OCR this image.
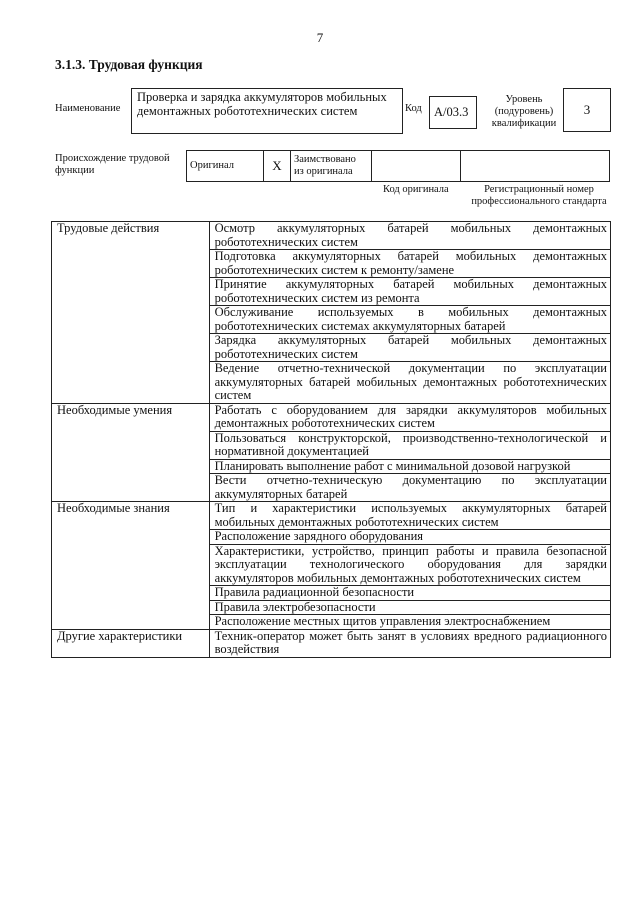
7
3.1.3. Трудовая функция
Наименование
Проверка и зарядка аккумуляторов мобильных демонтажных робототехнических систем	Код A/03.3
Уровень (подуровень) квалификации
3
Происхождение трудовой функции	Оригинал	X	Заимствовано из оригинала		
Код оригинала	Регистрационный номер профессионального стандарта
Трудовые действия	Осмотр аккумуляторных батарей мобильных демонтажных робототехнических систем
	Подготовка аккумуляторных батарей мобильных демонтажных робототехнических систем к ремонту/замене
	Принятие аккумуляторных батарей мобильных демонтажных робототехнических систем из ремонта
	Обслуживание используемых в мобильных демонтажных робототехнических системах аккумуляторных батарей
	Зарядка аккумуляторных батарей мобильных демонтажных робототехнических систем
	Ведение отчетно-технической документации по эксплуатации аккумуляторных батарей мобильных демонтажных робототехнических систем
Необходимые умения	Работать с оборудованием для зарядки аккумуляторов мобильных демонтажных робототехнических систем
	Пользоваться конструкторской, производственно-технологической и нормативной документацией
	Планировать выполнение работ с минимальной дозовой нагрузкой
	Вести отчетно-техническую документацию по эксплуатации аккумуляторных батарей
Необходимые знания	Тип и характеристики используемых аккумуляторных батарей мобильных демонтажных робототехнических систем
	Расположение зарядного оборудования
	Характеристики, устройство, принцип работы и правила безопасной эксплуатации технологического оборудования для зарядки аккумуляторов мобильных демонтажных робототехнических систем
	Правила радиационной безопасности
	Правила электробезопасности
	Расположение местных щитов управления электроснабжением
Другие характеристики	Техник-оператор может быть занят в условиях вредного радиационного воздействия
